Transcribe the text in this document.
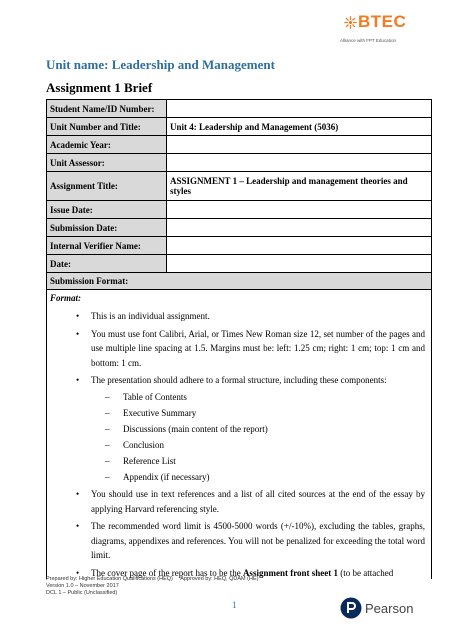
BTEC
Alliance with FPT Education
Unit name: Leadership and Management
Assignment 1 Brief
Student Name/ID Number:	
Unit Number and Title:	Unit 4: Leadership and Management (5036)
Academic Year:	
Unit Assessor:	
Assignment Title:	ASSIGNMENT 1 – Leadership and management theories and styles
Issue Date:	
Submission Date:	
Internal Verifier Name:	
Date:	
Submission Format:
Format:
• This is an individual assignment.
• You must use font Calibri, Arial, or Times New Roman size 12, set number of the pages and use multiple line spacing at 1.5. Margins must be: left: 1.25 cm; right: 1 cm; top: 1 cm and bottom: 1 cm.
• The presentation should adhere to a formal structure, including these components:
– Table of Contents
– Executive Summary
– Discussions (main content of the report)
– Conclusion
– Reference List
– Appendix (if necessary)
• You should use in text references and a list of all cited sources at the end of the essay by applying Harvard referencing style.
• The recommended word limit is 4500-5000 words (+/-10%), excluding the tables, graphs, diagrams, appendixes and references. You will not be penalized for exceeding the total word limit.
• The cover page of the report has to be the Assignment front sheet 1 (to be attached
Prepared by: Higher Education Qualifications (HEQ)     Approved by: HEQ, QDAM (HE)
Version 1.0 – November 2017
DCL 1 – Public (Unclassified)
1	Pearson
